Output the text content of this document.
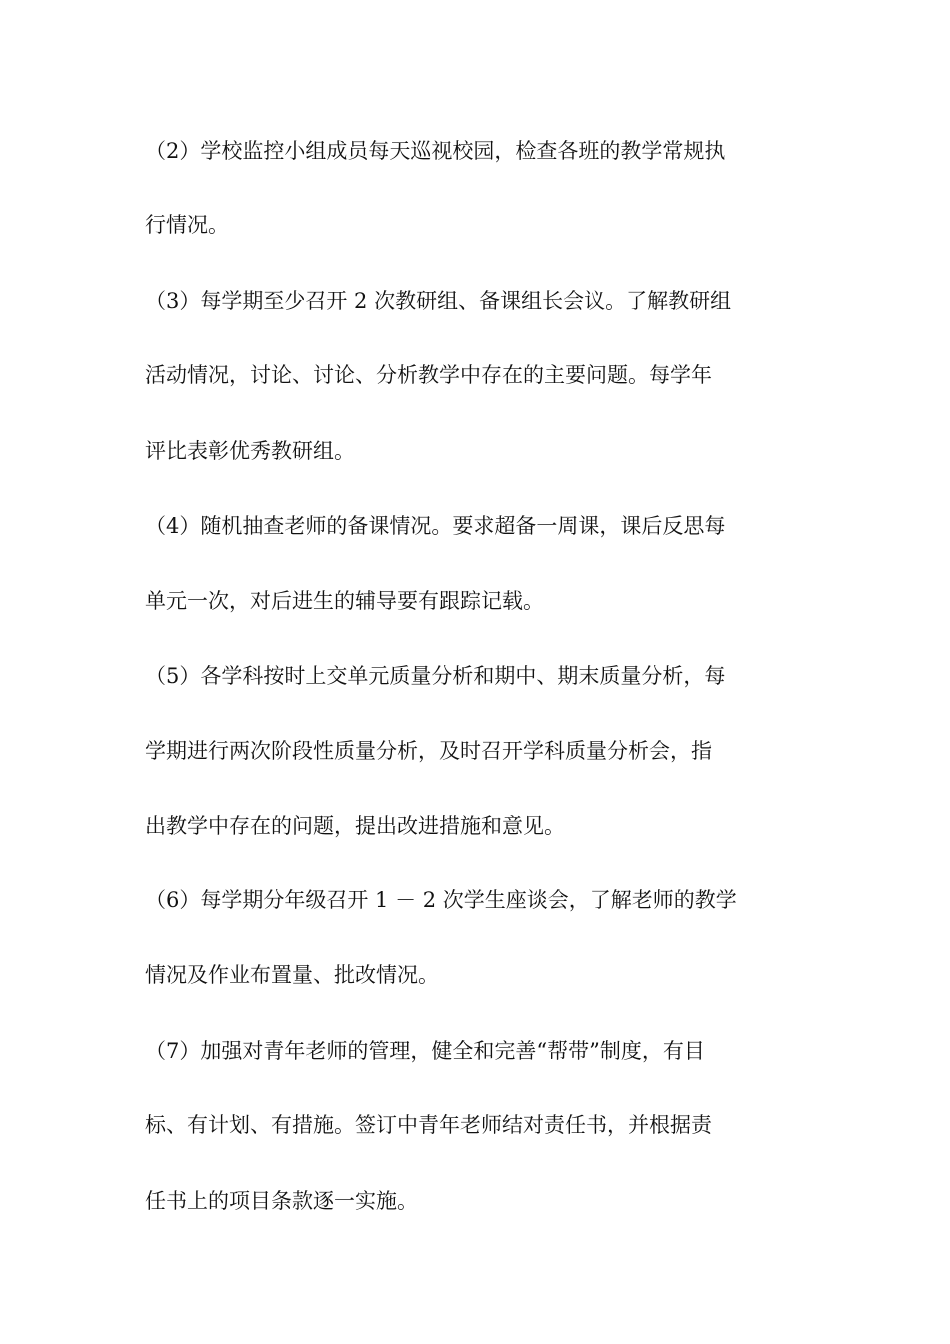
（2）学校监控小组成员每天巡视校园，检查各班的教学常规执
行情况。
（3）每学期至少召开 2 次教研组、备课组长会议。了解教研组
活动情况，讨论、讨论、分析教学中存在的主要问题。每学年
评比表彰优秀教研组。
（4）随机抽查老师的备课情况。要求超备一周课，课后反思每
单元一次，对后进生的辅导要有跟踪记载。
（5）各学科按时上交单元质量分析和期中、期末质量分析，每
学期进行两次阶段性质量分析，及时召开学科质量分析会，指
出教学中存在的问题，提出改进措施和意见。
（6）每学期分年级召开 1 － 2 次学生座谈会，了解老师的教学
情况及作业布置量、批改情况。
（7）加强对青年老师的管理，健全和完善“帮带”制度，有目
标、有计划、有措施。签订中青年老师结对责任书，并根据责
任书上的项目条款逐一实施。
